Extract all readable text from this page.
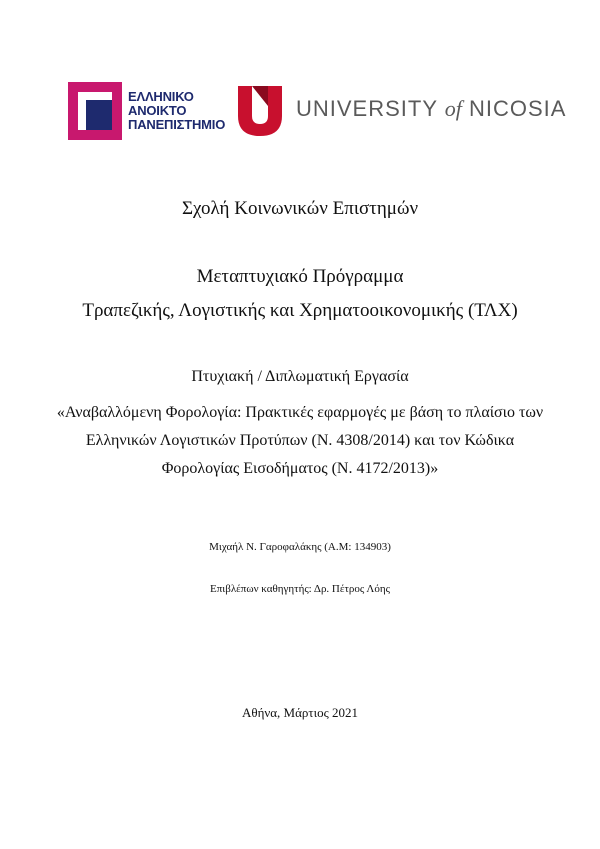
ΕΛΛΗΝΙΚΟ
ΑΝΟΙΚΤΟ
ΠΑΝΕΠΙΣΤΗΜΙΟ
UNIVERSITY of NICOSIA
Σχολή Κοινωνικών Επιστημών
Μεταπτυχιακό Πρόγραμμα
Τραπεζικής, Λογιστικής και Χρηματοοικονομικής (ΤΛΧ)
Πτυχιακή / Διπλωματική Εργασία
«Αναβαλλόμενη Φορολογία: Πρακτικές εφαρμογές με βάση το πλαίσιο των
Ελληνικών Λογιστικών Προτύπων (Ν. 4308/2014) και τον Κώδικα
Φορολογίας Εισοδήματος (Ν. 4172/2013)»
Μιχαήλ Ν. Γαροφαλάκης (Α.Μ: 134903)
Επιβλέπων καθηγητής: Δρ. Πέτρος Λόης
Αθήνα, Μάρτιος 2021
